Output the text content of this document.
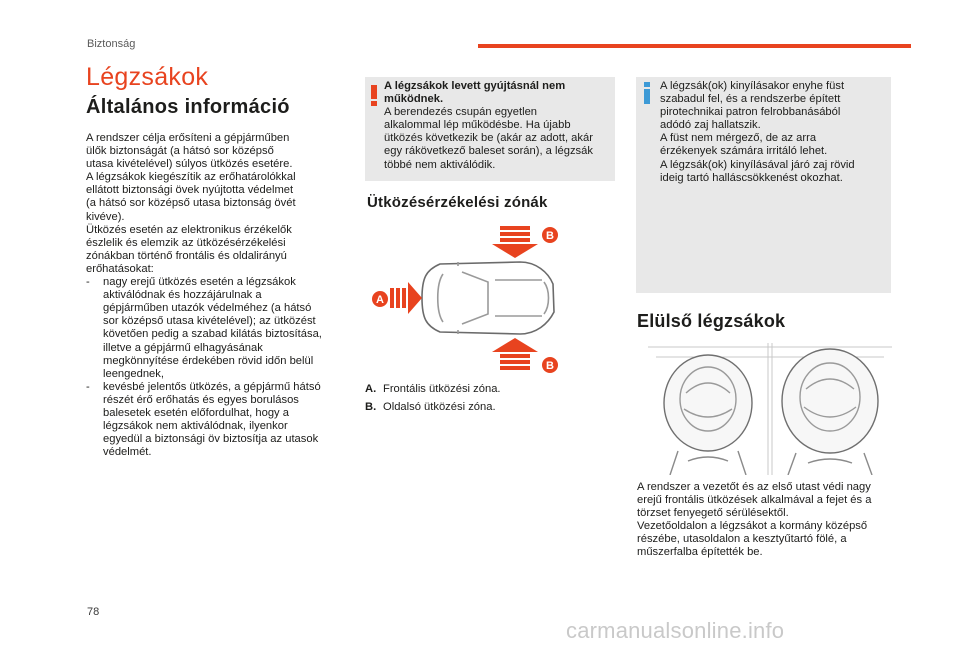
Biztonság
Légzsákok
Általános információ

A rendszer célja erősíteni a gépjárműben

ülők biztonságát (a hátsó sor középső

utasa kivételével) súlyos ütközés esetére.

A légzsákok kiegészítik az erőhatárolókkal

ellátott biztonsági övek nyújtotta védelmet

(a hátsó sor középső utasa biztonság övét

kivéve).

Ütközés esetén az elektronikus érzékelők

észlelik és elemzik az ütközésérzékelési

zónákban történő frontális és oldalirányú

erőhatásokat:

- nagy erejű ütközés esetén a légzsákok

aktiválódnak és hozzájárulnak a

gépjárműben utazók védelméhez (a hátsó

sor középső utasa kivételével); az ütközést

követően pedig a szabad kilátás biztosítása,

illetve a gépjármű elhagyásának

megkönnyítése érdekében rövid időn belül

leengednek,

- kevésbé jelentős ütközés, a gépjármű hátsó

részét érő erőhatás és egyes borulásos

balesetek esetén előfordulhat, hogy a

légzsákok nem aktiválódnak, ilyenkor

egyedül a biztonsági öv biztosítja az utasok

védelmét.

A légzsákok levett gyújtásnál nem

működnek.

A berendezés csupán egyetlen

alkalommal lép működésbe. Ha újabb

ütközés következik be (akár az adott, akár

egy rákövetkező baleset során), a légzsák

többé nem aktiválódik.

Ütközésérzékelési zónák
A
B
B
A. Frontális ütközési zóna.
B. Oldalsó ütközési zóna.

A légzsák(ok) kinyílásakor enyhe füst

szabadul fel, és a rendszerbe épített

pirotechnikai patron felrobbanásából

adódó zaj hallatszik.

A füst nem mérgező, de az arra

érzékenyek számára irritáló lehet.

A légzsák(ok) kinyílásával járó zaj rövid

ideig tartó halláscsökkenést okozhat.

Elülső légzsákok

A rendszer a vezetőt és az első utast védi nagy

erejű frontális ütközések alkalmával a fejet és a

törzset fenyegető sérülésektől.

Vezetőoldalon a légzsákot a kormány középső

részébe, utasoldalon a kesztyűtartó fölé, a

műszerfalba építették be.

78
carmanualsonline.info
